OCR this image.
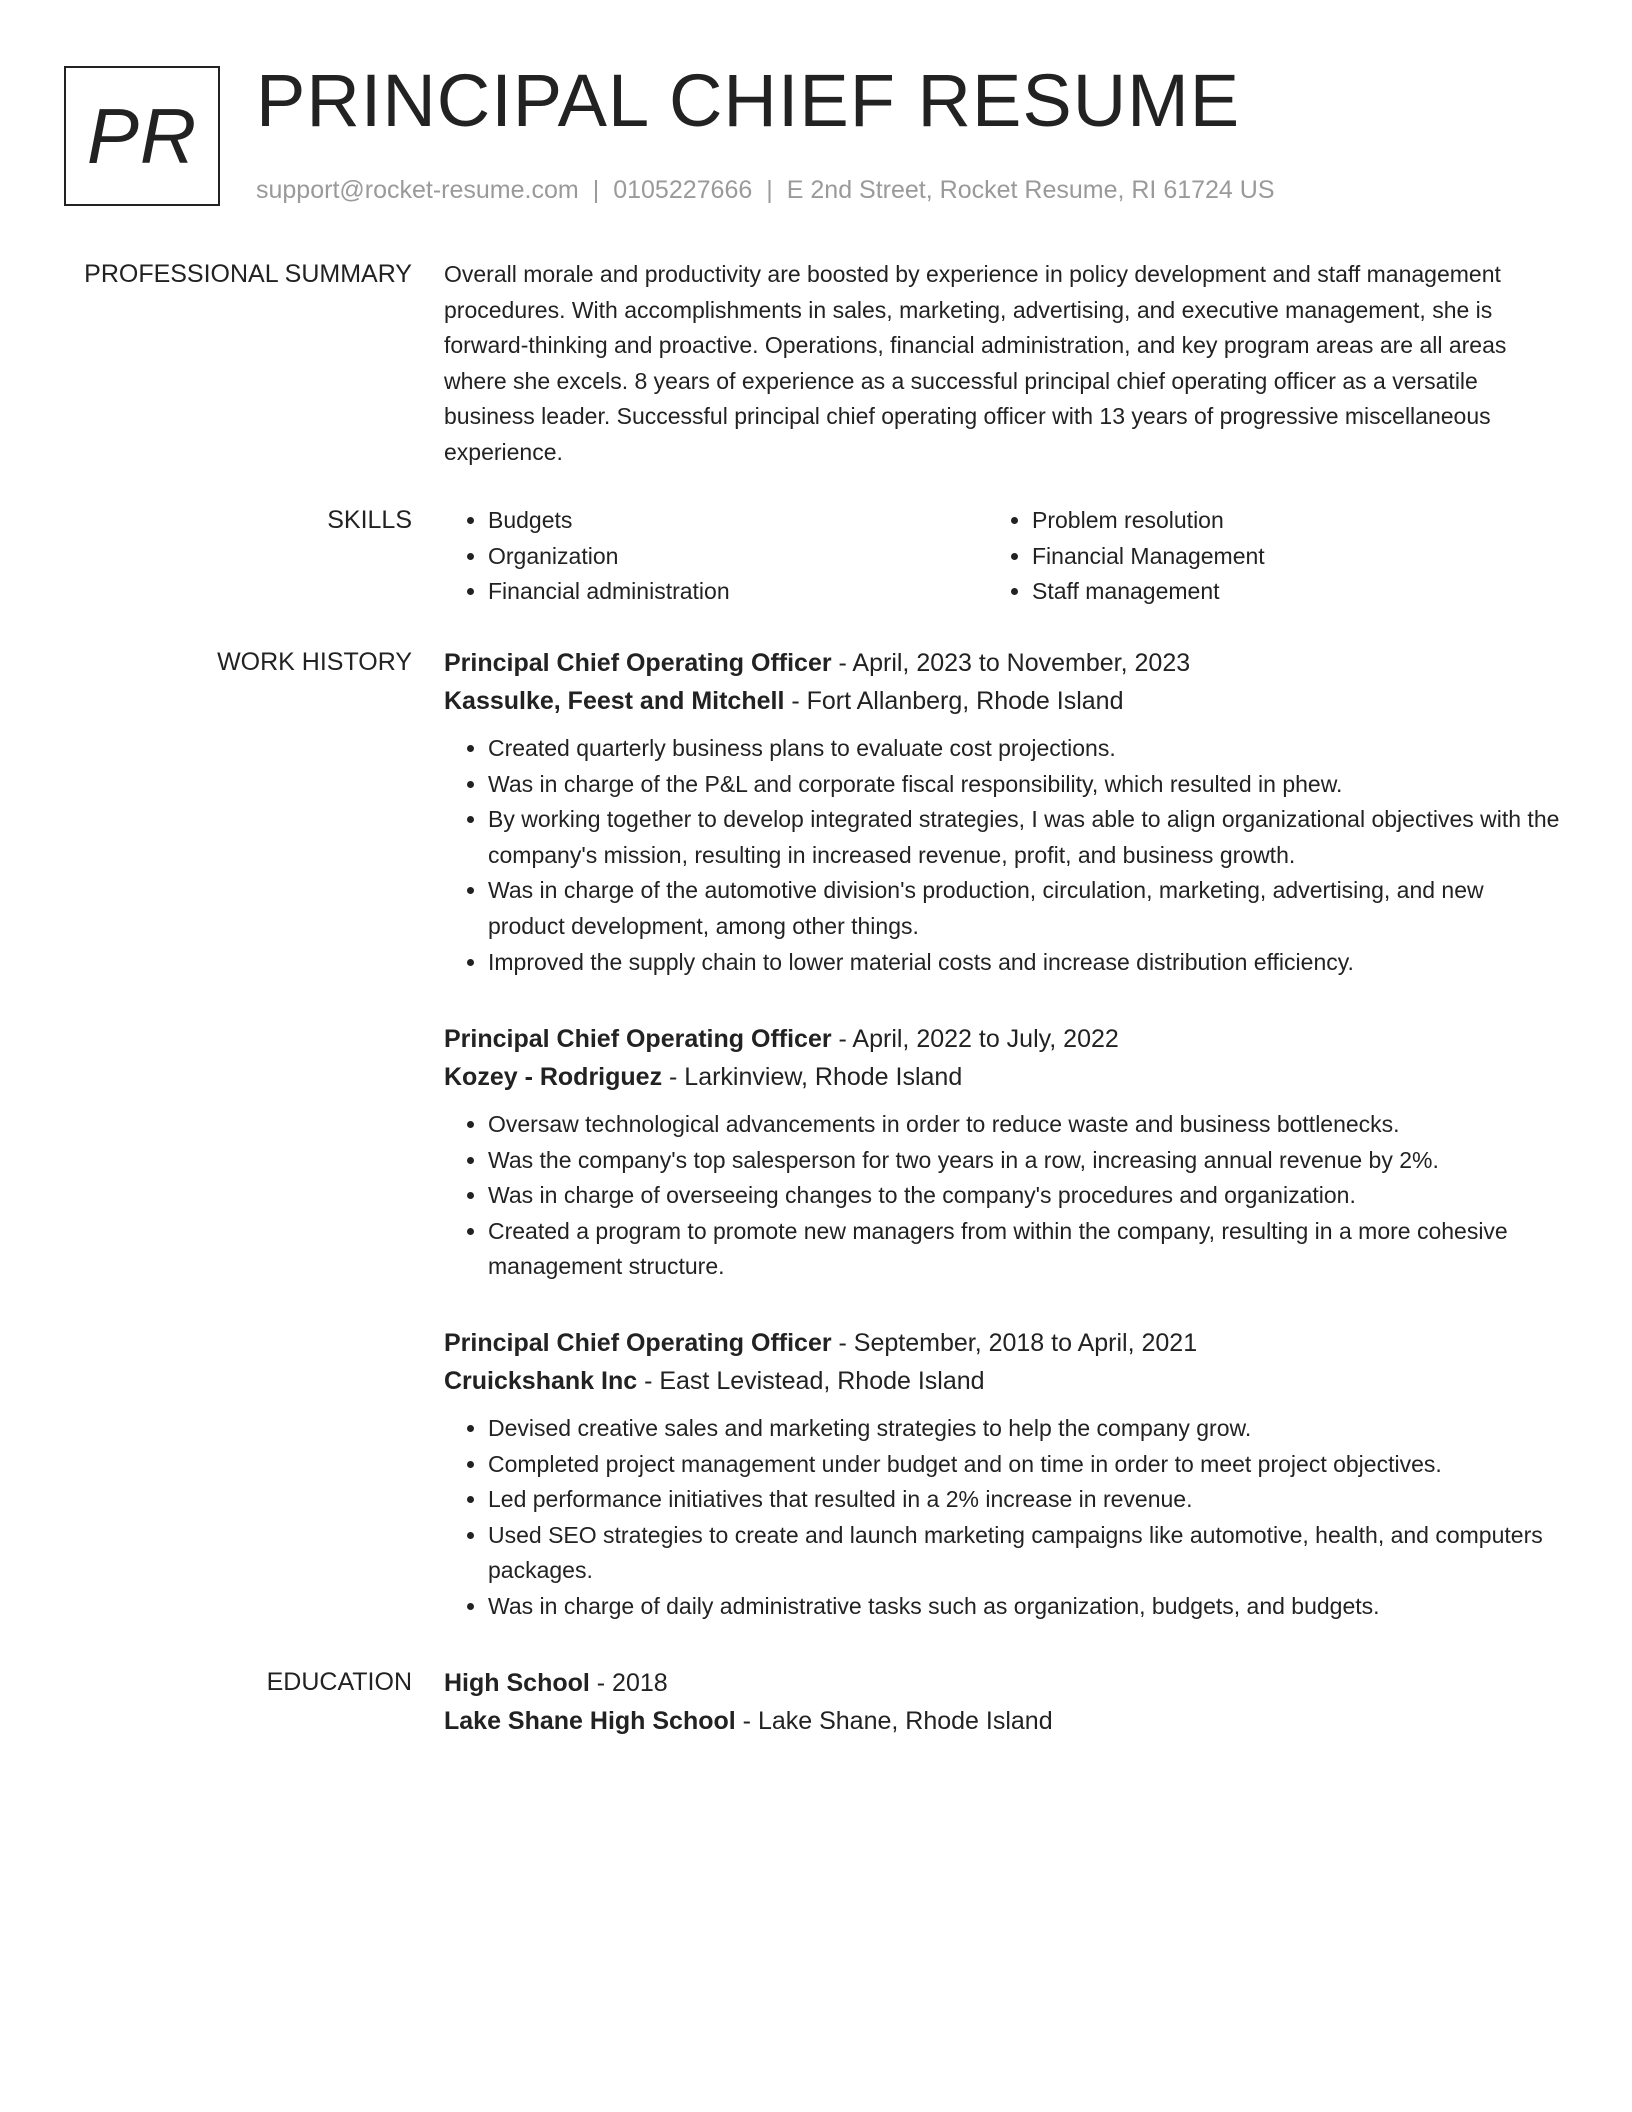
PR PRINCIPAL CHIEF RESUME
support@rocket-resume.com | 0105227666 | E 2nd Street, Rocket Resume, RI 61724 US
PROFESSIONAL SUMMARY Overall morale and productivity are boosted by experience in policy development and staff management procedures. With accomplishments in sales, marketing, advertising, and executive management, she is forward-thinking and proactive. Operations, financial administration, and key program areas are all areas where she excels. 8 years of experience as a successful principal chief operating officer as a versatile business leader. Successful principal chief operating officer with 13 years of progressive miscellaneous experience.

SKILLS
•	Budgets
• Organization
• Financial administration
• Problem resolution
• Financial Management
• Staff management
WORK HISTORY Principal Chief Operating Officer - April, 2023 to November, 2023
Kassulke, Feest and Mitchell - Fort Allanberg, Rhode Island
• Created quarterly business plans to evaluate cost projections.
• Was in charge of the P&L and corporate fiscal responsibility, which resulted in phew.
• By working together to develop integrated strategies, I was able to align organizational objectives with the company's mission, resulting in increased revenue, profit, and business growth.
• Was in charge of the automotive division's production, circulation, marketing, advertising, and new product development, among other things.
• Improved the supply chain to lower material costs and increase distribution efficiency.
Principal Chief Operating Officer - April, 2022 to July, 2022
Kozey - Rodriguez - Larkinview, Rhode Island
• Oversaw technological advancements in order to reduce waste and business bottlenecks.
• Was the company's top salesperson for two years in a row, increasing annual revenue by 2%.
• Was in charge of overseeing changes to the company's procedures and organization.
• Created a program to promote new managers from within the company, resulting in a more cohesive management structure.
Principal Chief Operating Officer - September, 2018 to April, 2021
Cruickshank Inc - East Levistead, Rhode Island
• Devised creative sales and marketing strategies to help the company grow.
• Completed project management under budget and on time in order to meet project objectives.
• Led performance initiatives that resulted in a 2% increase in revenue.
• Used SEO strategies to create and launch marketing campaigns like automotive, health, and computers packages.
• Was in charge of daily administrative tasks such as organization, budgets, and budgets.
EDUCATION High School - 2018
Lake Shane High School - Lake Shane, Rhode Island
